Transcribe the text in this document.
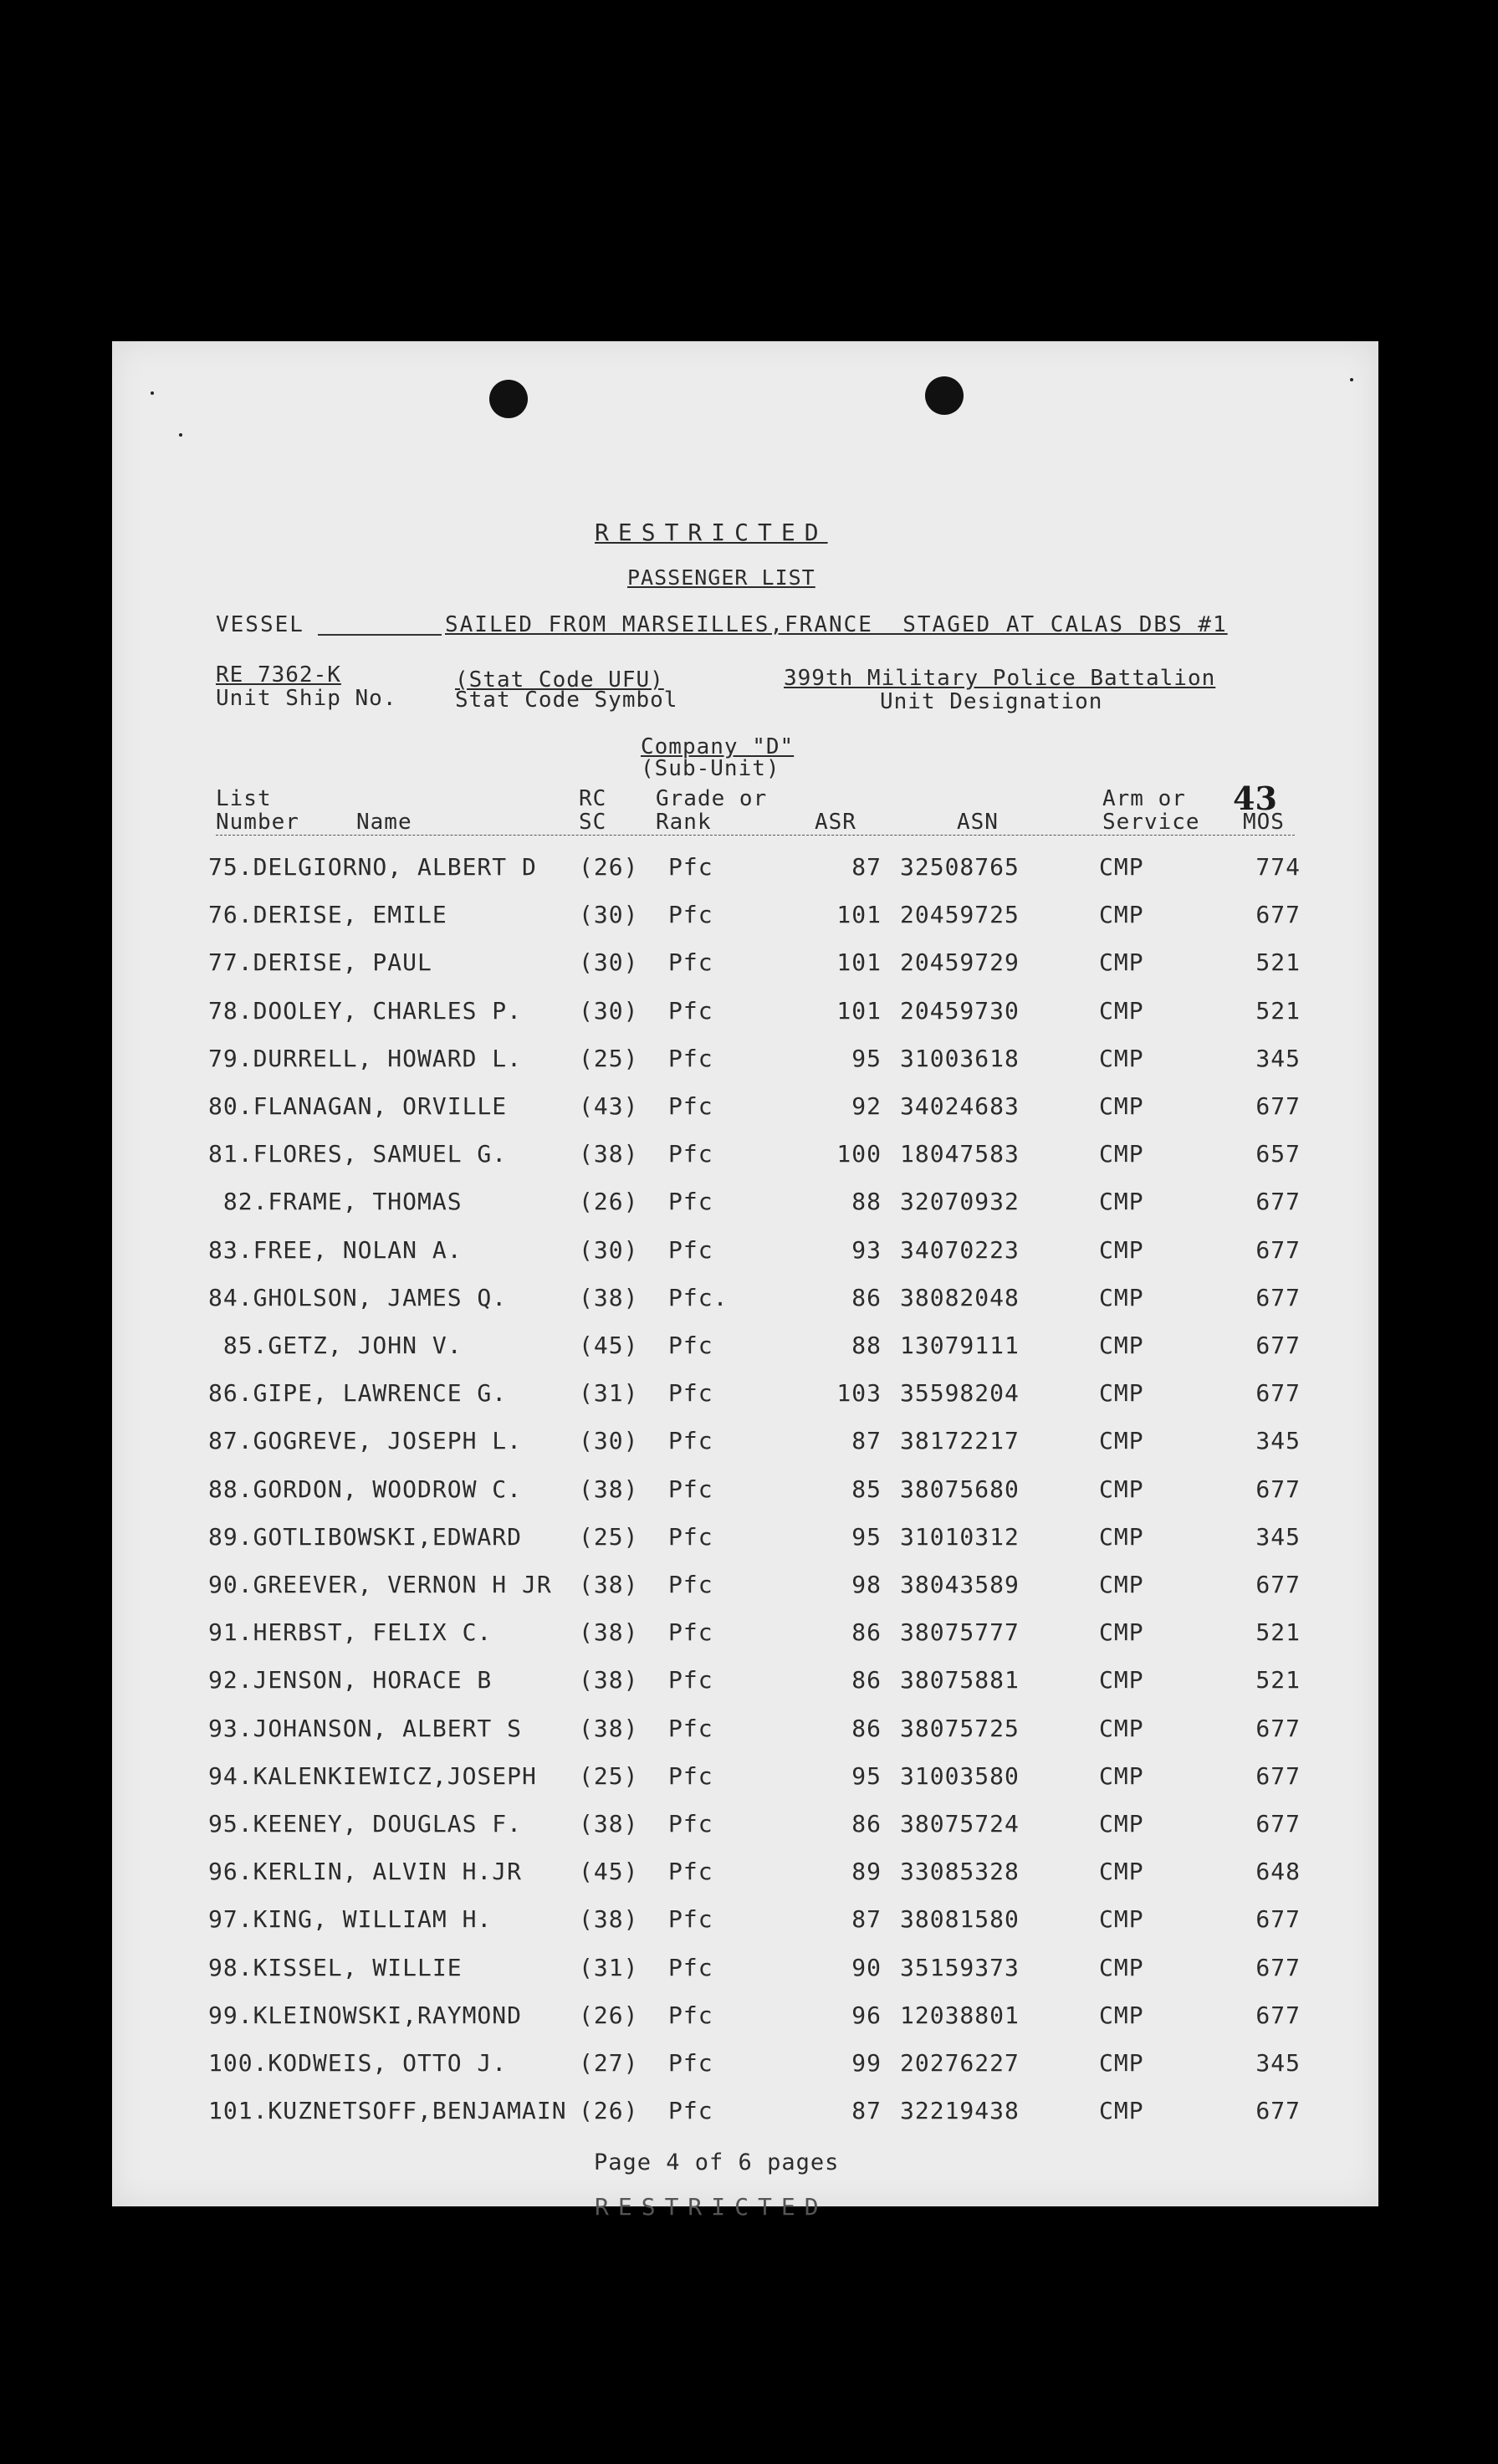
RESTRICTED
PASSENGER LIST
VESSEL	SAILED FROM MARSEILLES,FRANCE  STAGED AT CALAS DBS #1
RE 7362-K
Unit Ship No.
(Stat Code UFU)
Stat Code Symbol
399th Military Police Battalion
Unit Designation
Company "D"
(Sub-Unit)
List
Number	Name
RC
SC
Grade or
Rank	ASR	ASN
Arm or
Service
43
MOS
75.DELGIORNO, ALBERT D (26) Pfc	87 32508765	CMP	774
76.DERISE, EMILE	(30) Pfc	101 20459725	CMP	677
77.DERISE, PAUL	(30) Pfc	101 20459729	CMP	521
78.DOOLEY, CHARLES P. (30) Pfc	101 20459730	CMP	521
79.DURRELL, HOWARD L. (25) Pfc	95 31003618	CMP	345
80.FLANAGAN, ORVILLE	(43) Pfc	92 34024683	CMP	677
81.FLORES, SAMUEL G.	(38) Pfc	100 18047583	CMP	657
82.FRAME, THOMAS	(26) Pfc	88 32070932	CMP	677
83.FREE, NOLAN A.	(30) Pfc	93 34070223	CMP	677
84.GHOLSON, JAMES Q.	(38) Pfc.	86 38082048	CMP	677
85.GETZ, JOHN V.	(45) Pfc	88 13079111	CMP	677
86.GIPE, LAWRENCE G.	(31) Pfc	103 35598204	CMP	677
87.GOGREVE, JOSEPH L. (30) Pfc	87 38172217	CMP	345
88.GORDON, WOODROW C. (38) Pfc	85 38075680	CMP	677
89.GOTLIBOWSKI,EDWARD (25) Pfc	95 31010312	CMP	345
90.GREEVER, VERNON H JR (38) Pfc	98 38043589	CMP	677
91.HERBST, FELIX C.	(38) Pfc	86 38075777	CMP	521
92.JENSON, HORACE B	(38) Pfc	86 38075881	CMP	521
93.JOHANSON, ALBERT S (38) Pfc	86 38075725	CMP	677
94.KALENKIEWICZ,JOSEPH (25) Pfc	95 31003580	CMP	677
95.KEENEY, DOUGLAS F. (38) Pfc	86 38075724	CMP	677
96.KERLIN, ALVIN H.JR (45) Pfc	89 33085328	CMP	648
97.KING, WILLIAM H.	(38) Pfc	87 38081580	CMP	677
98.KISSEL, WILLIE	(31) Pfc	90 35159373	CMP	677
99.KLEINOWSKI,RAYMOND (26) Pfc	96 12038801	CMP	677
100.KODWEIS, OTTO J.	(27) Pfc	99 20276227	CMP	345
101.KUZNETSOFF,BENJAMAIN (26) Pfc	87 32219438	CMP	677
Page 4 of 6 pages
RESTRICTED
